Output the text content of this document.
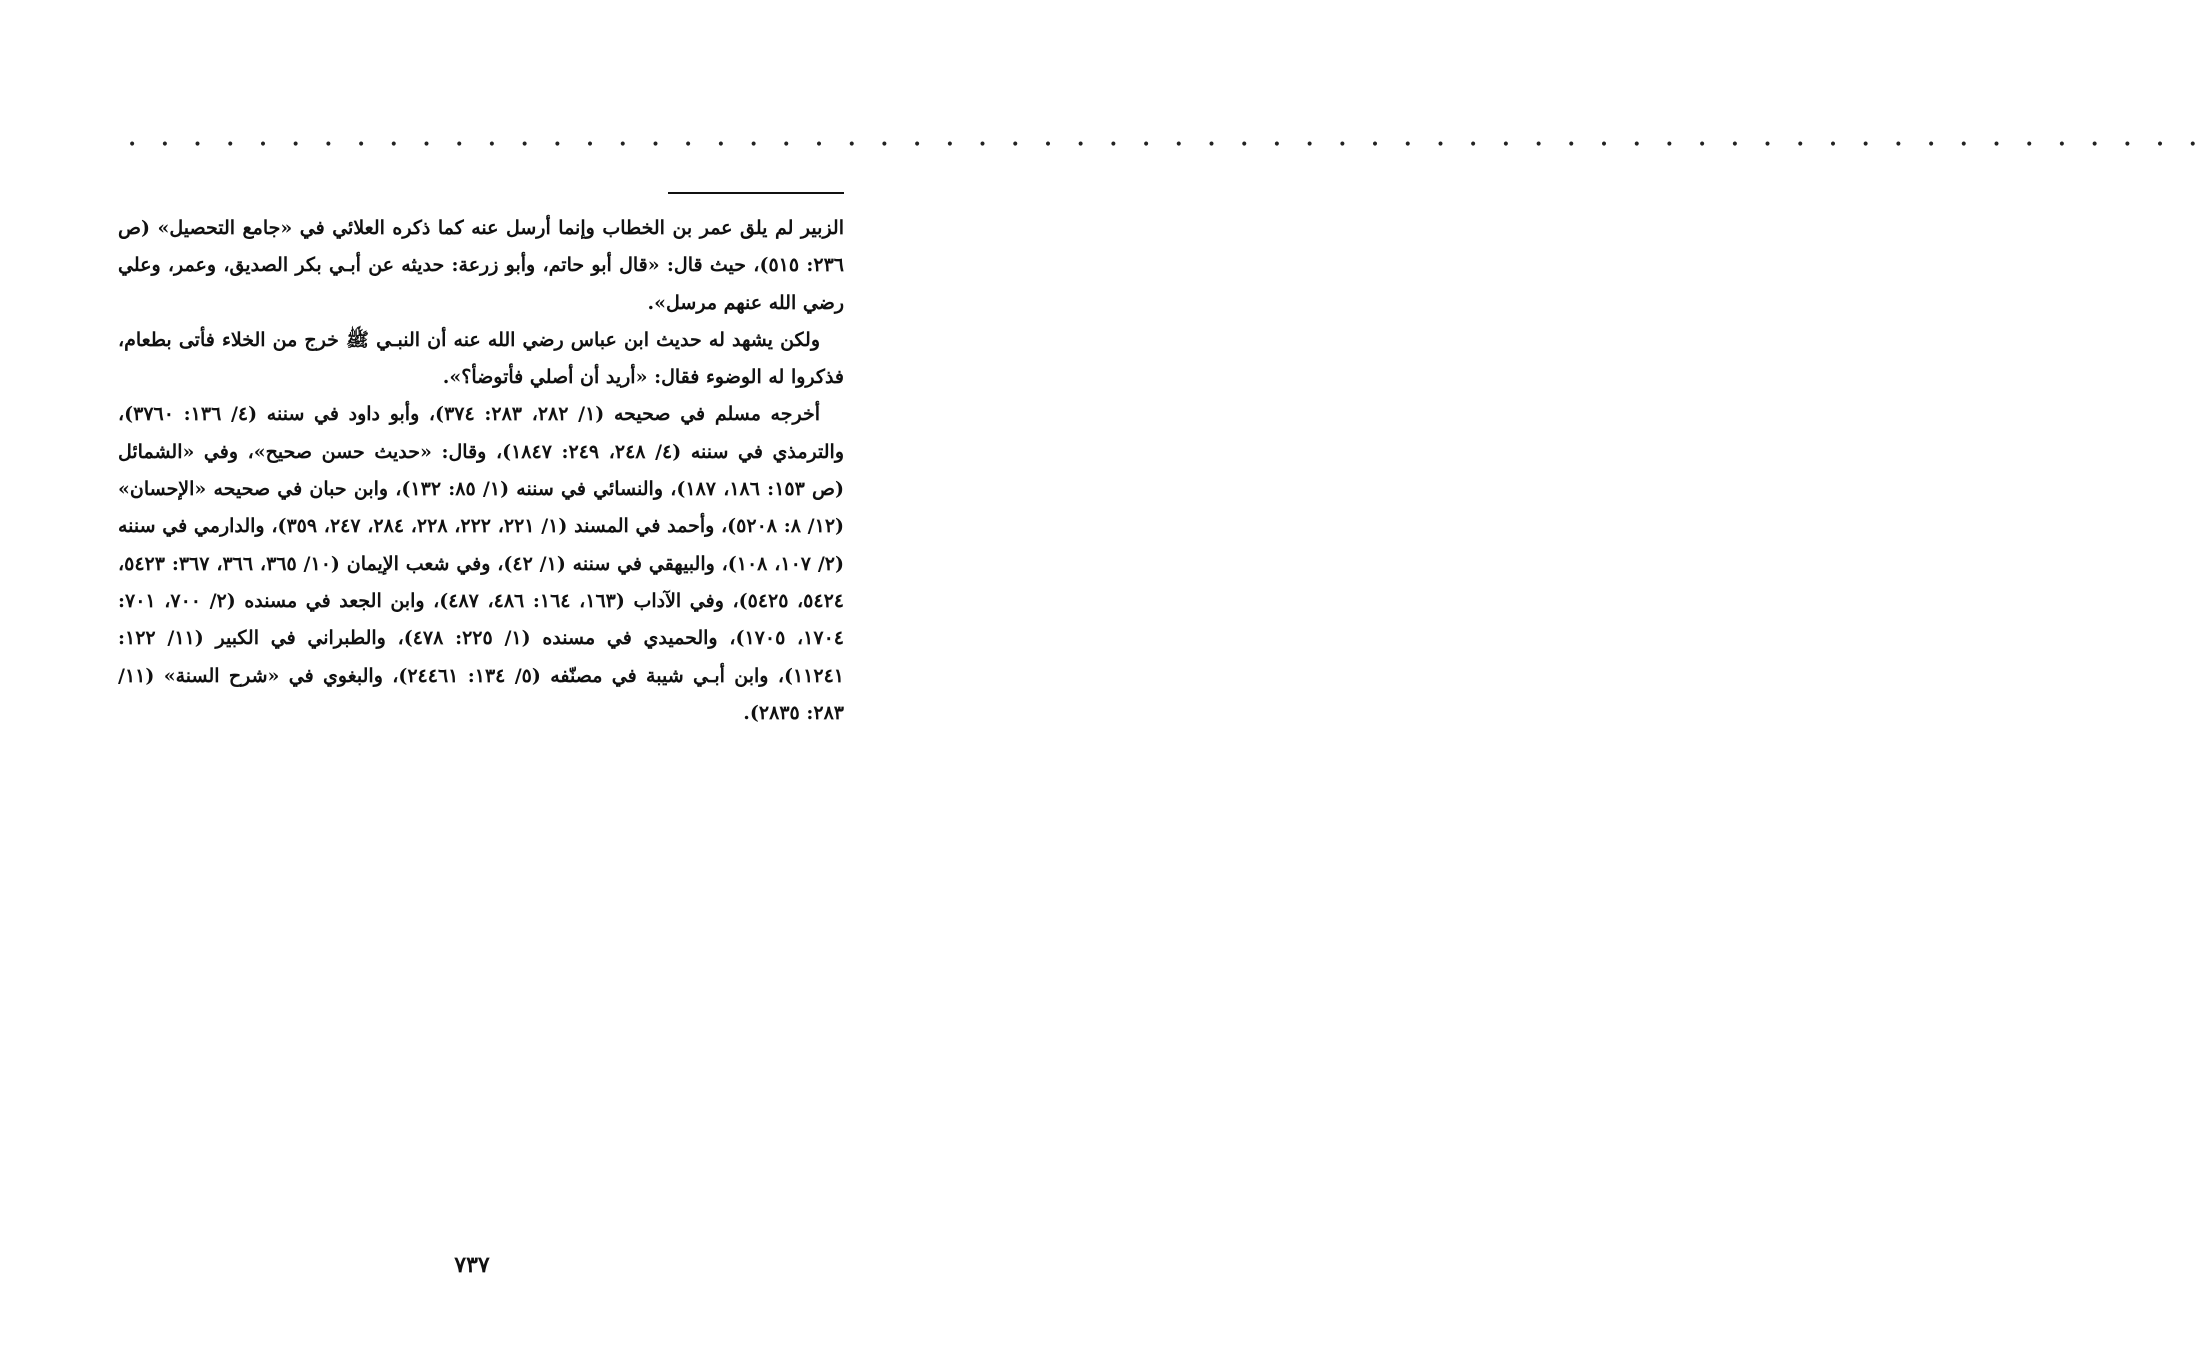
• • • • • • • • • • • • • • • • • • • • • • • • • • • • • • • • • • • • • • • • • • • • • • • • • • • • • • • • • • • • • • • •

الزبير لم يلق عمر بن الخطاب وإنما أرسل عنه كما ذكره العلائي في «جامع التحصيل» (ص ٢٣٦: ٥١٥)، حيث قال: «قال أبو حاتم، وأبو زرعة: حديثه عن أبـي بكر الصديق، وعمر، وعلي رضي الله عنهم مرسل».

ولكن يشهد له حديث ابن عباس رضي الله عنه أن النبـي ﷺ خرج من الخلاء فأتى بطعام، فذكروا له الوضوء فقال: «أريد أن أصلي فأتوضأ؟».

أخرجه مسلم في صحيحه (١/ ٢٨٢، ٢٨٣: ٣٧٤)، وأبو داود في سننه (٤/ ١٣٦: ٣٧٦٠)، والترمذي في سننه (٤/ ٢٤٨، ٢٤٩: ١٨٤٧)، وقال: «حديث حسن صحيح»، وفي «الشمائل (ص ١٥٣: ١٨٦، ١٨٧)، والنسائي في سننه (١/ ٨٥: ١٣٢)، وابن حبان في صحيحه «الإحسان» (١٢/ ٨: ٥٢٠٨)، وأحمد في المسند (١/ ٢٢١، ٢٢٢، ٢٢٨، ٢٨٤، ٢٤٧، ٣٥٩)، والدارمي في سننه (٢/ ١٠٧، ١٠٨)، والبيهقي في سننه (١/ ٤٢)، وفي شعب الإيمان (١٠/ ٣٦٥، ٣٦٦، ٣٦٧: ٥٤٢٣، ٥٤٢٤، ٥٤٢٥)، وفي الآداب (١٦٣، ١٦٤: ٤٨٦، ٤٨٧)، وابن الجعد في مسنده (٢/ ٧٠٠، ٧٠١: ١٧٠٤، ١٧٠٥)، والحميدي في مسنده (١/ ٢٢٥: ٤٧٨)، والطبراني في الكبير (١١/ ١٢٢: ١١٢٤١)، وابن أبـي شيبة في مصنّفه (٥/ ١٣٤: ٢٤٤٦١)، والبغوي في «شرح السنة» (١١/ ٢٨٣: ٢٨٣٥).

٧٣٧
